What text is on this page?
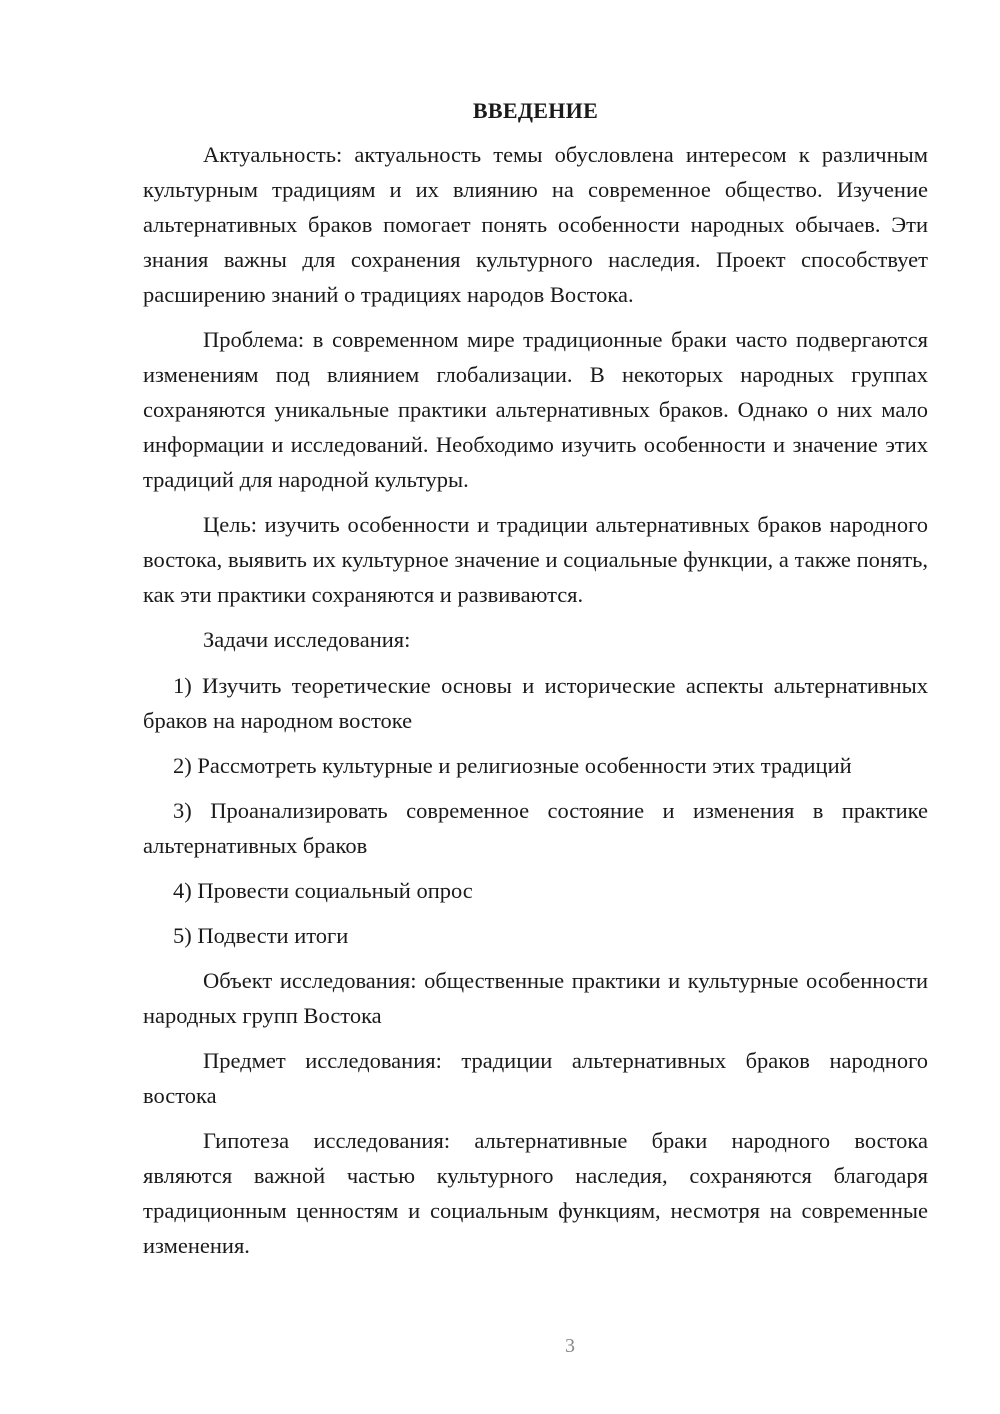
ВВЕДЕНИЕ

Актуальность: актуальность темы обусловлена интересом к различным культурным традициям и их влиянию на современное общество. Изучение альтернативных браков помогает понять особенности народных обычаев. Эти знания важны для сохранения культурного наследия. Проект способствует расширению знаний о традициях народов Востока.

Проблема: в современном мире традиционные браки часто подвергаются изменениям под влиянием глобализации. В некоторых народных группах сохраняются уникальные практики альтернативных браков. Однако о них мало информации и исследований. Необходимо изучить особенности и значение этих традиций для народной культуры.

Цель: изучить особенности и традиции альтернативных браков народного востока, выявить их культурное значение и социальные функции, а также понять, как эти практики сохраняются и развиваются.

Задачи исследования:

1) Изучить теоретические основы и исторические аспекты альтернативных браков на народном востоке

2) Рассмотреть культурные и религиозные особенности этих традиций

3) Проанализировать современное состояние и изменения в практике альтернативных браков

4) Провести социальный опрос

5) Подвести итоги

Объект исследования: общественные практики и культурные особенности народных групп Востока

Предмет исследования: традиции альтернативных браков народного востока

Гипотеза исследования: альтернативные браки народного востока являются важной частью культурного наследия, сохраняются благодаря традиционным ценностям и социальным функциям, несмотря на современные изменения.

3
